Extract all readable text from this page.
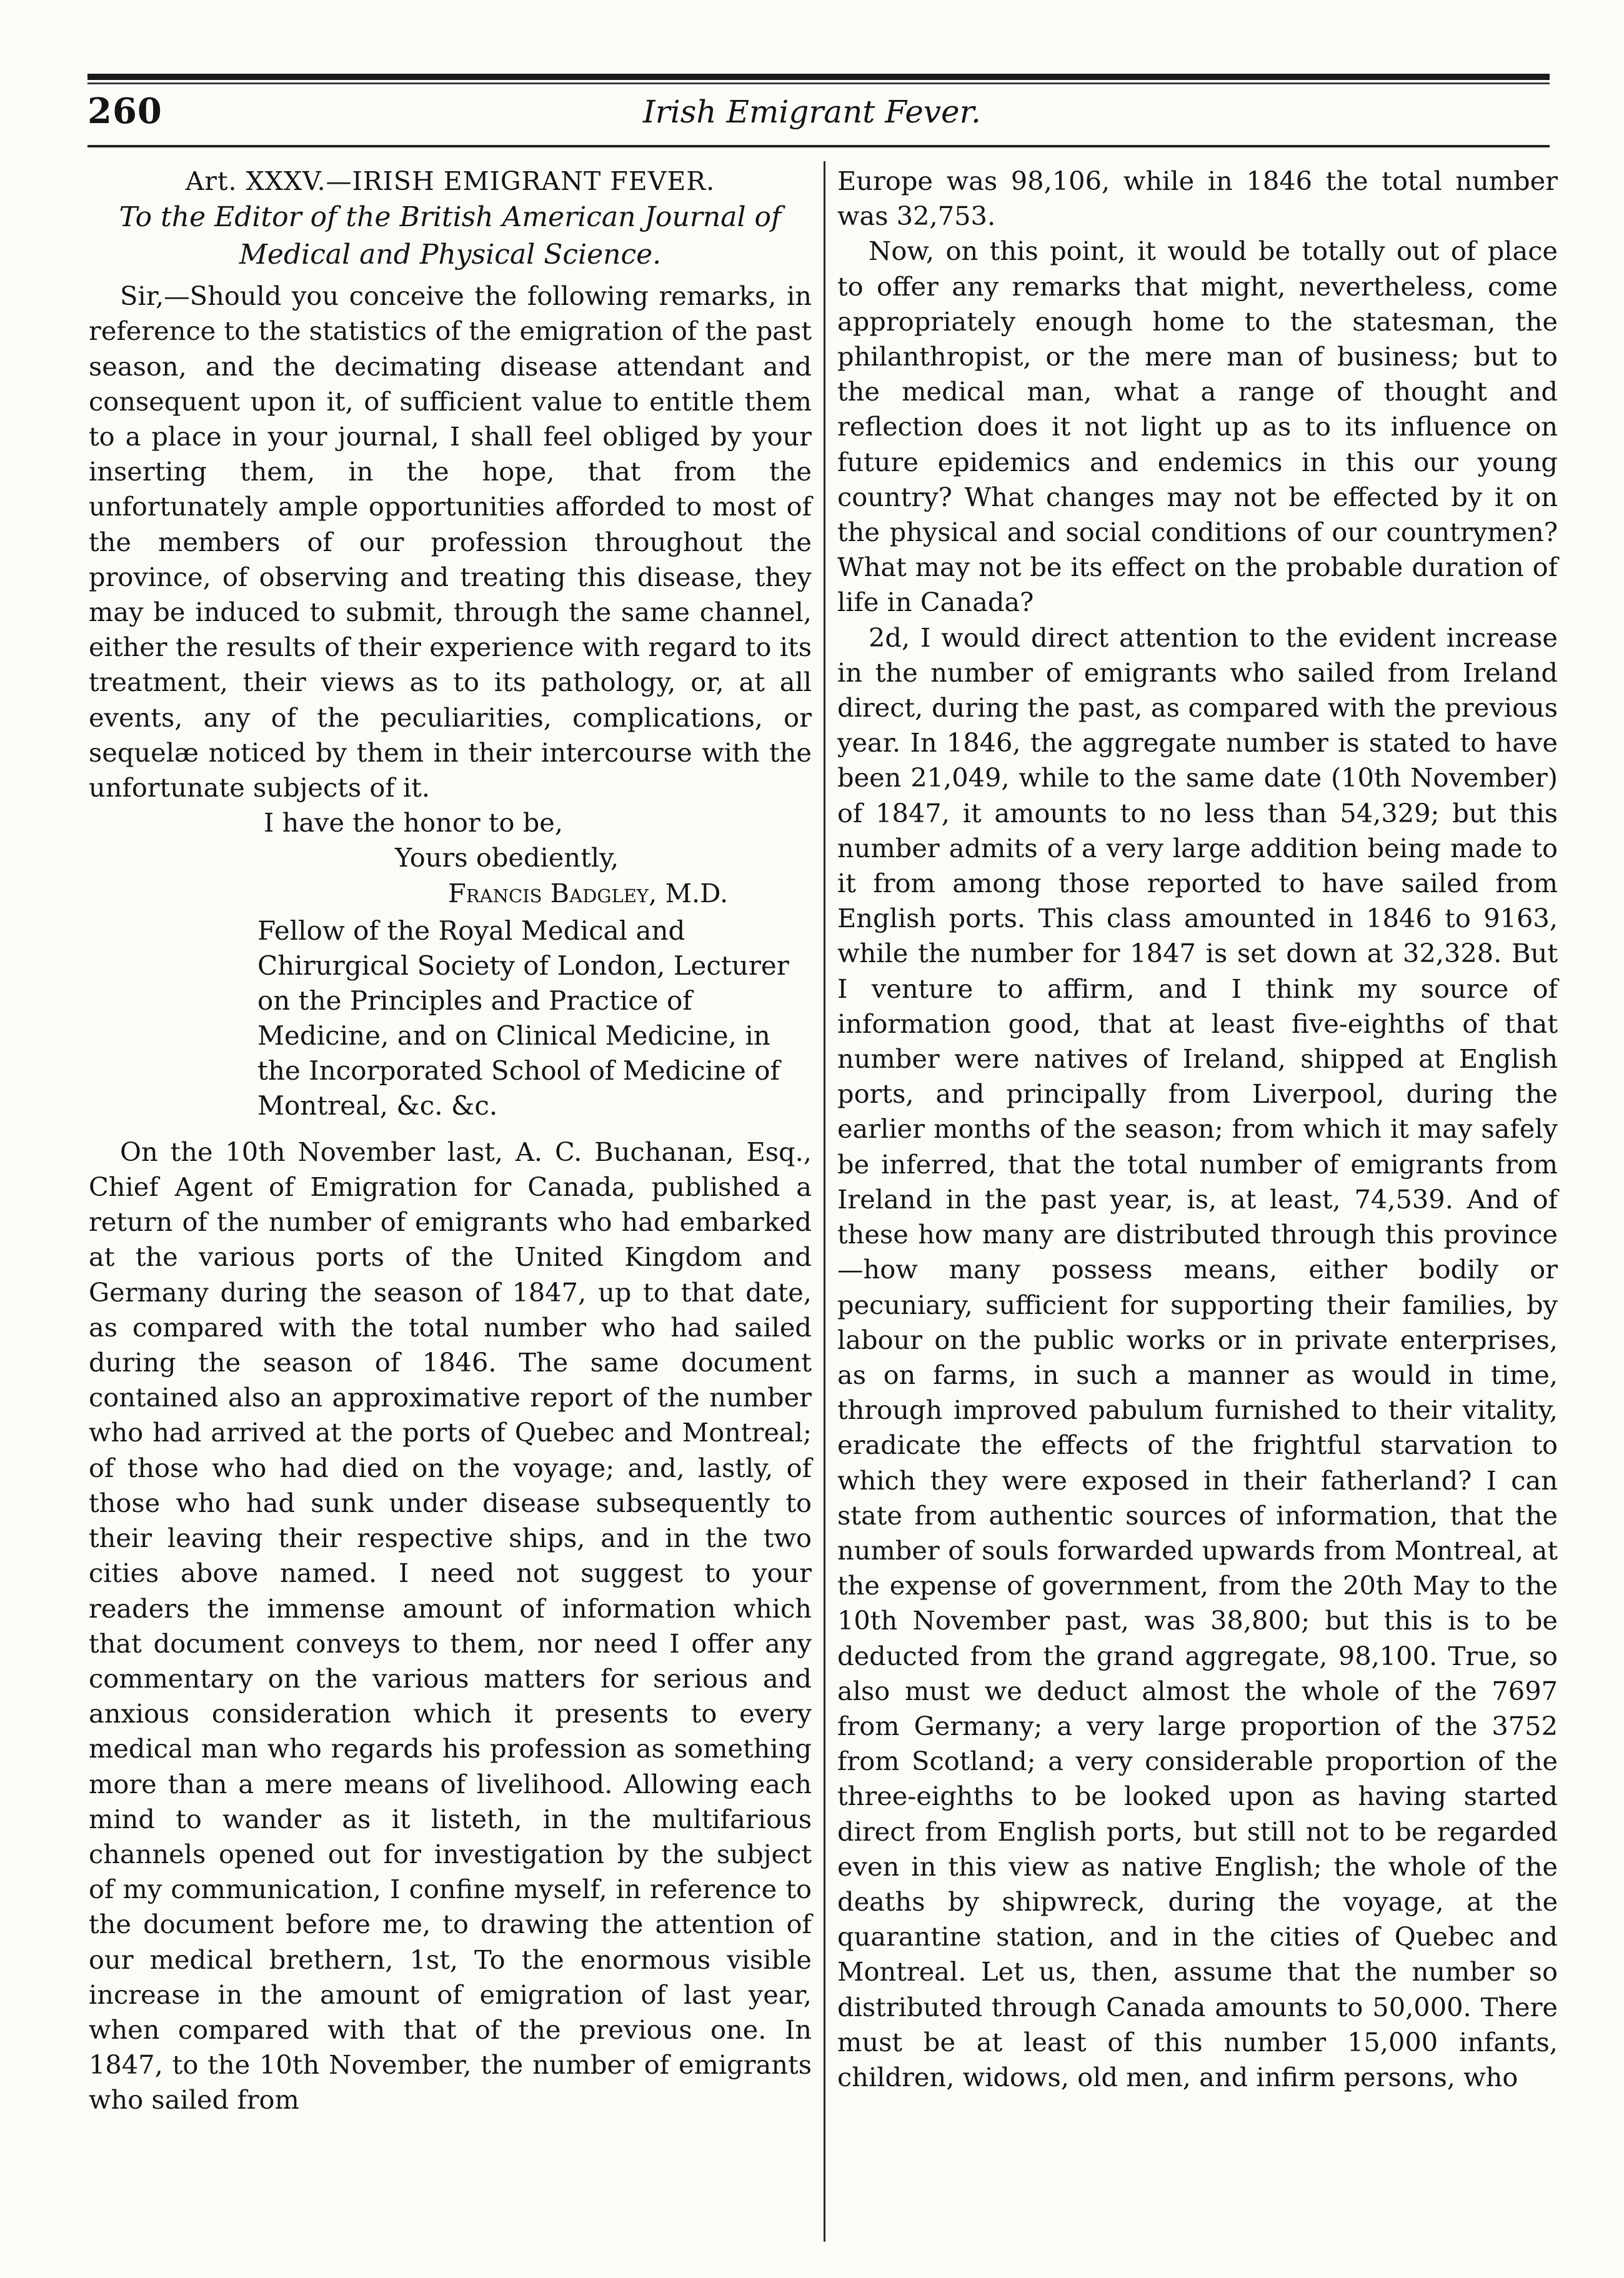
260	Irish Emigrant Fever.

Art. XXXV.—IRISH EMIGRANT FEVER.

To the Editor of the British American Journal of Medical and Physical Science.

Sir,—Should you conceive the following remarks, in reference to the statistics of the emigration of the past season, and the decimating disease attendant and consequent upon it, of sufficient value to entitle them to a place in your journal, I shall feel obliged by your inserting them, in the hope, that from the unfortunately ample opportunities afforded to most of the members of our profession throughout the province, of observing and treating this disease, they may be induced to submit, through the same channel, either the results of their experience with regard to its treatment, their views as to its pathology, or, at all events, any of the peculiarities, complications, or sequelæ noticed by them in their intercourse with the unfortunate subjects of it.

I have the honor to be,
Yours obediently,
Francis Badgley, M.D.

Fellow of the Royal Medical and Chirurgical Society of London, Lecturer on the Principles and Practice of Medicine, and on Clinical Medicine, in the Incorporated School of Medicine of Montreal, &c. &c.

On the 10th November last, A. C. Buchanan, Esq., Chief Agent of Emigration for Canada, published a return of the number of emigrants who had embarked at the various ports of the United Kingdom and Germany during the season of 1847, up to that date, as compared with the total number who had sailed during the season of 1846. The same document contained also an approximative report of the number who had arrived at the ports of Quebec and Montreal; of those who had died on the voyage; and, lastly, of those who had sunk under disease subsequently to their leaving their respective ships, and in the two cities above named. I need not suggest to your readers the immense amount of information which that document conveys to them, nor need I offer any commentary on the various matters for serious and anxious consideration which it presents to every medical man who regards his profession as something more than a mere means of livelihood. Allowing each mind to wander as it listeth, in the multifarious channels opened out for investigation by the subject of my communication, I confine myself, in reference to the document before me, to drawing the attention of our medical brethern, 1st, To the enormous visible increase in the amount of emigration of last year, when compared with that of the previous one. In 1847, to the 10th November, the number of emigrants who sailed from

Europe was 98,106, while in 1846 the total number was 32,753.

Now, on this point, it would be totally out of place to offer any remarks that might, nevertheless, come appropriately enough home to the statesman, the philanthropist, or the mere man of business; but to the medical man, what a range of thought and reflection does it not light up as to its influence on future epidemics and endemics in this our young country? What changes may not be effected by it on the physical and social conditions of our countrymen? What may not be its effect on the probable duration of life in Canada?

2d, I would direct attention to the evident increase in the number of emigrants who sailed from Ireland direct, during the past, as compared with the previous year. In 1846, the aggregate number is stated to have been 21,049, while to the same date (10th November) of 1847, it amounts to no less than 54,329; but this number admits of a very large addition being made to it from among those reported to have sailed from English ports. This class amounted in 1846 to 9163, while the number for 1847 is set down at 32,328. But I venture to affirm, and I think my source of information good, that at least five-eighths of that number were natives of Ireland, shipped at English ports, and principally from Liverpool, during the earlier months of the season; from which it may safely be inferred, that the total number of emigrants from Ireland in the past year, is, at least, 74,539. And of these how many are distributed through this province—how many possess means, either bodily or pecuniary, sufficient for supporting their families, by labour on the public works or in private enterprises, as on farms, in such a manner as would in time, through improved pabulum furnished to their vitality, eradicate the effects of the frightful starvation to which they were exposed in their fatherland? I can state from authentic sources of information, that the number of souls forwarded upwards from Montreal, at the expense of government, from the 20th May to the 10th November past, was 38,800; but this is to be deducted from the grand aggregate, 98,100. True, so also must we deduct almost the whole of the 7697 from Germany; a very large proportion of the 3752 from Scotland; a very considerable proportion of the three-eighths to be looked upon as having started direct from English ports, but still not to be regarded even in this view as native English; the whole of the deaths by shipwreck, during the voyage, at the quarantine station, and in the cities of Quebec and Montreal. Let us, then, assume that the number so distributed through Canada amounts to 50,000. There must be at least of this number 15,000 infants, children, widows, old men, and infirm persons, who
